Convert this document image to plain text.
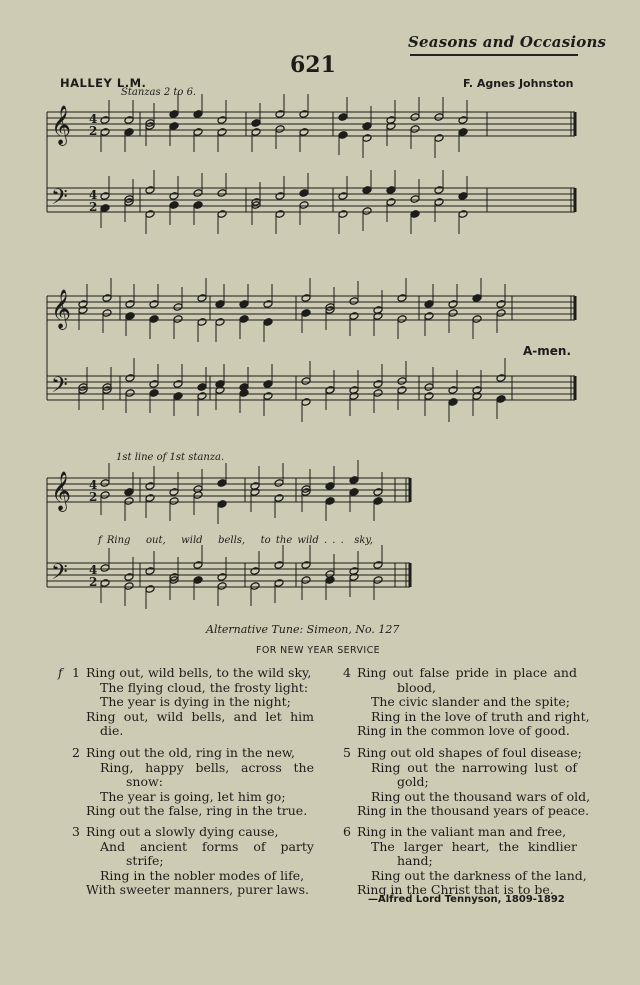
Seasons and Occasions
621
HALLEY L.M.	F. Agnes Johnston
Stanzas 2 to 6.
𝄞
𝄢
4
2
4
2
𝄞
𝄢
𝄞
𝄢
4
2
4
2
A-men.
1st line of 1st stanza.
f Ring   out,   wild   bells,   to the wild . . .  sky,
Alternative Tune: Simeon, No. 127
FOR NEW YEAR SERVICE
f 1 Ring out, wild bells, to the wild sky,
The flying cloud, the frosty light:
The year is dying in the night;
Ring out, wild bells, and let him
die.
2 Ring out the old, ring in the new,
Ring, happy bells, across the
snow:
The year is going, let him go;
Ring out the false, ring in the true.
3 Ring out a slowly dying cause,
And ancient forms of party
strife;
Ring in the nobler modes of life,
With sweeter manners, purer laws.
4 Ring out false pride in place and
blood,
The civic slander and the spite;
Ring in the love of truth and right,
Ring in the common love of good.
5 Ring out old shapes of foul disease;
Ring out the narrowing lust of
gold;
Ring out the thousand wars of old,
Ring in the thousand years of peace.
6 Ring in the valiant man and free,
The larger heart, the kindlier
hand;
Ring out the darkness of the land,
Ring in the Christ that is to be.
—Alfred Lord Tennyson, 1809-1892
